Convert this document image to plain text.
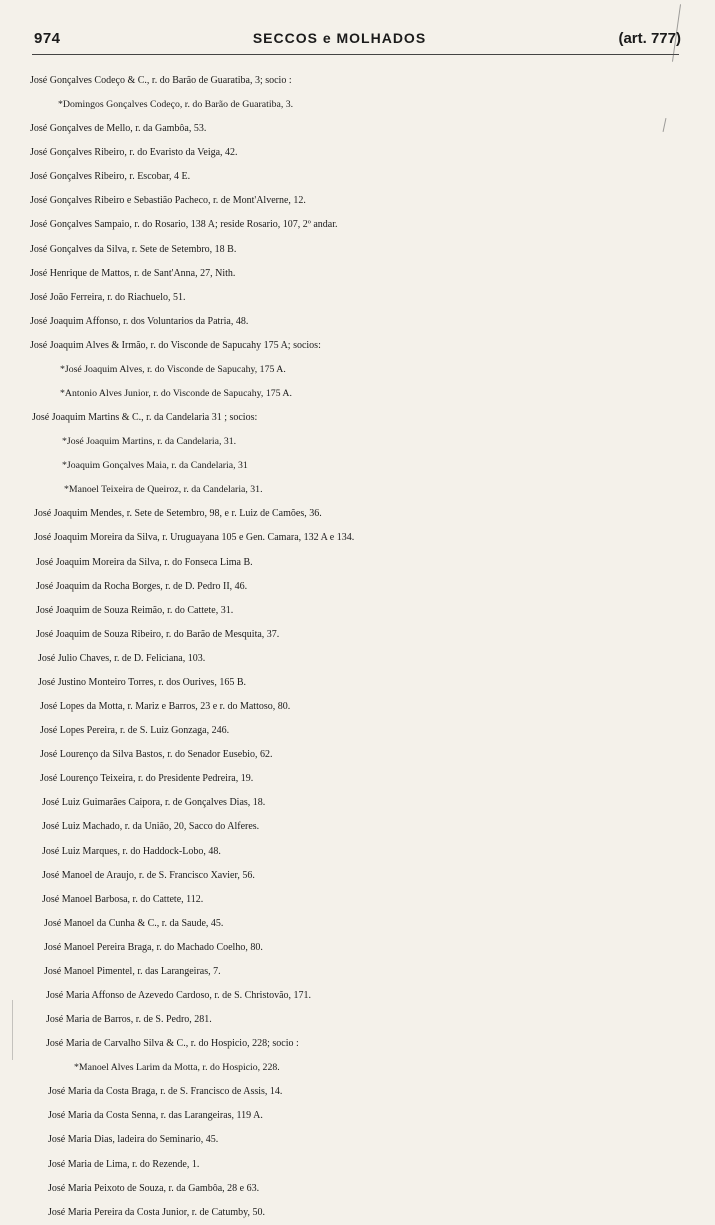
974	SECCOS e MOLHADOS	(art. 777)
José Gonçalves Codeço & C., r. do Barão de Guaratiba, 3; socio :
*Domingos Gonçalves Codeço, r. do Barão de Guaratiba, 3.
José Gonçalves de Mello, r. da Gambôa, 53.
José Gonçalves Ribeiro, r. do Evaristo da Veiga, 42.
José Gonçalves Ribeiro, r. Escobar, 4 E.
José Gonçalves Ribeiro e Sebastião Pacheco, r. de Mont'Alverne, 12.
José Gonçalves Sampaio, r. do Rosario, 138 A; reside Rosario, 107, 2º andar.
José Gonçalves da Silva, r. Sete de Setembro, 18 B.
José Henrique de Mattos, r. de Sant'Anna, 27, Nith.
José João Ferreira, r. do Riachuelo, 51.
José Joaquim Affonso, r. dos Voluntarios da Patria, 48.
José Joaquim Alves & Irmão, r. do Visconde de Sapucahy 175 A; socios:
*José Joaquim Alves, r. do Visconde de Sapucahy, 175 A.
*Antonio Alves Junior, r. do Visconde de Sapucahy, 175 A.
José Joaquim Martins & C., r. da Candelaria 31 ; socios:
*José Joaquim Martins, r. da Candelaria, 31.
*Joaquim Gonçalves Maia, r. da Candelaria, 31
*Manoel Teixeira de Queiroz, r. da Candelaria, 31.
José Joaquim Mendes, r. Sete de Setembro, 98, e r. Luiz de Camões, 36.
José Joaquim Moreira da Silva, r. Uruguayana 105 e Gen. Camara, 132 A e 134.
José Joaquim Moreira da Silva, r. do Fonseca Lima B.
José Joaquim da Rocha Borges, r. de D. Pedro II, 46.
José Joaquim de Souza Reimão, r. do Cattete, 31.
José Joaquim de Souza Ribeiro, r. do Barão de Mesquita, 37.
José Julio Chaves, r. de D. Feliciana, 103.
José Justino Monteiro Torres, r. dos Ourives, 165 B.
José Lopes da Motta, r. Mariz e Barros, 23 e r. do Mattoso, 80.
José Lopes Pereira, r. de S. Luiz Gonzaga, 246.
José Lourenço da Silva Bastos, r. do Senador Eusebio, 62.
José Lourenço Teixeira, r. do Presidente Pedreira, 19.
José Luiz Guimarães Caipora, r. de Gonçalves Dias, 18.
José Luiz Machado, r. da União, 20, Sacco do Alferes.
José Luiz Marques, r. do Haddock-Lobo, 48.
José Manoel de Araujo, r. de S. Francisco Xavier, 56.
José Manoel Barbosa, r. do Cattete, 112.
José Manoel da Cunha & C., r. da Saude, 45.
José Manoel Pereira Braga, r. do Machado Coelho, 80.
José Manoel Pimentel, r. das Larangeiras, 7.
José Maria Affonso de Azevedo Cardoso, r. de S. Christovão, 171.
José Maria de Barros, r. de S. Pedro, 281.
José Maria de Carvalho Silva & C., r. do Hospicio, 228; socio :
*Manoel Alves Larim da Motta, r. do Hospicio, 228.
José Maria da Costa Braga, r. de S. Francisco de Assis, 14.
José Maria da Costa Senna, r. das Larangeiras, 119 A.
José Maria Dias, ladeira do Seminario, 45.
José Maria de Lima, r. do Rezende, 1.
José Maria Peixoto de Souza, r. da Gambôa, 28 e 63.
José Maria Pereira da Costa Junior, r. de Catumby, 50.
